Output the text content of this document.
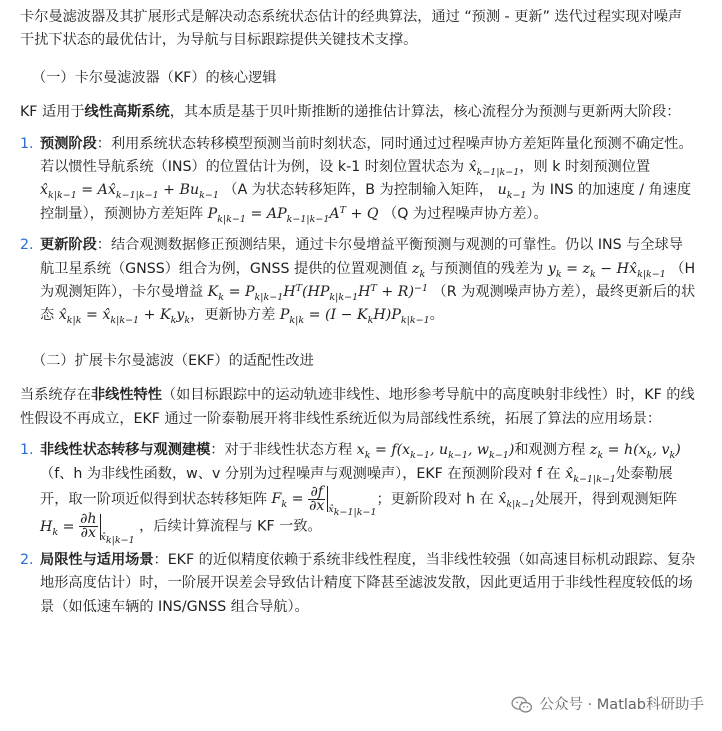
卡尔曼滤波器及其扩展形式是解决动态系统状态估计的经典算法，通过 “预测 - 更新” 迭代过程实现对噪声干扰下状态的最优估计，为导航与目标跟踪提供关键技术支撑。

（一）卡尔曼滤波器（KF）的核心逻辑

KF 适用于线性高斯系统，其本质是基于贝叶斯推断的递推估计算法，核心流程分为预测与更新两大阶段：

1. 预测阶段：利用系统状态转移模型预测当前时刻状态，同时通过过程噪声协方差矩阵量化预测不确定性。若以惯性导航系统（INS）的位置估计为例，设 k-1 时刻位置状态为 $x̂_{k-1|k-1}$，则 k 时刻预测位置 $x̂_{k|k-1}$ = $Ax̂_{k-1|k-1} + Bu_{k-1}$ （A 为状态转移矩阵，B 为控制输入矩阵， $u_{k-1}$ 为 INS 的加速度 / 角速度控制量），预测协方差矩阵 $P_{k|k-1} = AP_{k-1|k-1}A^T + Q$ （Q 为过程噪声协方差）。
2. 更新阶段：结合观测数据修正预测结果，通过卡尔曼增益平衡预测与观测的可靠性。仍以 INS 与全球导航卫星系统（GNSS）组合为例，GNSS 提供的位置观测值 $z_k$ 与预测值的残差为 $y_k = z_k$ − $Hx̂_{k|k-1}$ （H 为观测矩阵），卡尔曼增益 $K_k = P_{k|k-1}H^T(HP_{k|k-1}H^T + R)^{-1}$ （R 为观测噪声协方差），最终更新后的状态 $x̂_{k|k}$ = $x̂_{k|k-1} + K_ky_k$，更新协方差 $P_{k|k} = (I - K_kH)P_{k|k-1}$。

（二）扩展卡尔曼滤波（EKF）的适配性改进

当系统存在非线性特性（如目标跟踪中的运动轨迹非线性、地形参考导航中的高度映射非线性）时，KF 的线性假设不再成立，EKF 通过一阶泰勒展开将非线性系统近似为局部线性系统，拓展了算法的应用场景：

1. 非线性状态转移与观测建模：对于非线性状态方程 $x_k = f(x_{k-1}$, $u_{k-1}$, $w_{k-1}$)和观测方程 $z_k = h(x_k$, $v_k$) （f、h 为非线性函数，w、v 分别为过程噪声与观测噪声），EKF 在预测阶段对 f 在 $x̂_{k-1|k-1}$处泰勒展开，取一阶项近似得到状态转移矩阵 $F_k = \frac{\partial f}{\partial x} _{x̂_{k-1|k-1}}$；更新阶段对 h 在 $x̂_{k|k-1}$处展开，得到观测矩阵 $H_k = \frac{\partial h}{\partial x} _{x̂_{k|k-1}}$ ，后续计算流程与 KF 一致。
2. 局限性与适用场景：EKF 的近似精度依赖于系统非线性程度，当非线性较强（如高速目标机动跟踪、复杂地形高度估计）时，一阶展开误差会导致估计精度下降甚至滤波发散，因此更适用于非线性程度较低的场景（如低速车辆的 INS/GNSS 组合导航）。
公众号 · Matlab科研助手
